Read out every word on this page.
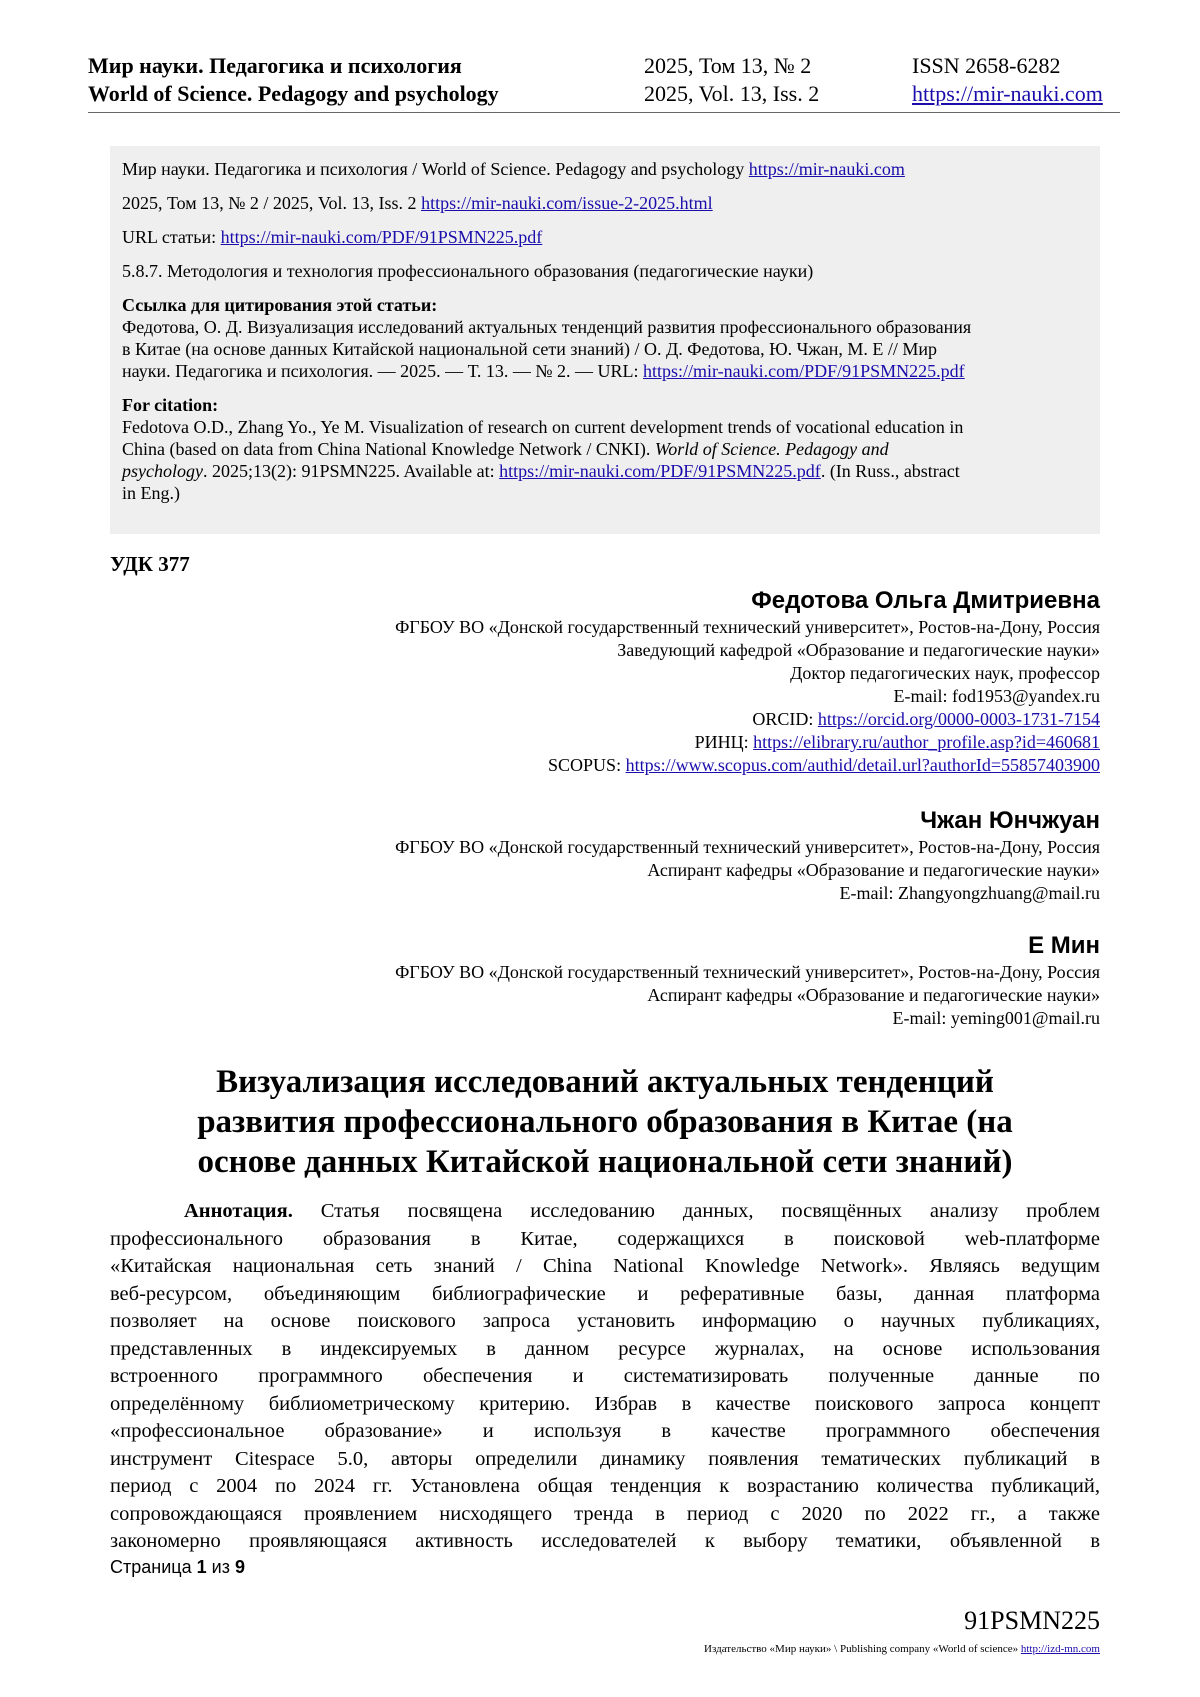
Мир науки. Педагогика и психология	2025, Том 13, № 2	ISSN 2658-6282
World of Science. Pedagogy and psychology	2025, Vol. 13, Iss. 2	https://mir-nauki.com
Мир науки. Педагогика и психология / World of Science. Pedagogy and psychology https://mir-nauki.com
2025, Том 13, № 2 / 2025, Vol. 13, Iss. 2 https://mir-nauki.com/issue-2-2025.html
URL статьи: https://mir-nauki.com/PDF/91PSMN225.pdf
5.8.7. Методология и технология профессионального образования (педагогические науки)
Ссылка для цитирования этой статьи:
Федотова, О. Д. Визуализация исследований актуальных тенденций развития профессионального образования
в Китае (на основе данных Китайской национальной сети знаний) / О. Д. Федотова, Ю. Чжан, М. Е // Мир
науки. Педагогика и психология. — 2025. — Т. 13. — № 2. — URL: https://mir-nauki.com/PDF/91PSMN225.pdf
For citation:
Fedotova O.D., Zhang Yo., Ye M. Visualization of research on current development trends of vocational education in
China (based on data from China National Knowledge Network / CNKI). World of Science. Pedagogy and
psychology. 2025;13(2): 91PSMN225. Available at: https://mir-nauki.com/PDF/91PSMN225.pdf. (In Russ., abstract
in Eng.)
УДК 377
Федотова Ольга Дмитриевна
ФГБОУ ВО «Донской государственный технический университет», Ростов-на-Дону, Россия
Заведующий кафедрой «Образование и педагогические науки»
Доктор педагогических наук, профессор
E-mail: fod1953@yandex.ru
ORCID: https://orcid.org/0000-0003-1731-7154
РИНЦ: https://elibrary.ru/author_profile.asp?id=460681
SCOPUS: https://www.scopus.com/authid/detail.url?authorId=55857403900
Чжан Юнчжуан
ФГБОУ ВО «Донской государственный технический университет», Ростов-на-Дону, Россия
Аспирант кафедры «Образование и педагогические науки»
E-mail: Zhangyongzhuang@mail.ru
Е Мин
ФГБОУ ВО «Донской государственный технический университет», Ростов-на-Дону, Россия
Аспирант кафедры «Образование и педагогические науки»
E-mail: yeming001@mail.ru
Визуализация исследований актуальных тенденций
развития профессионального образования в Китае (на
основе данных Китайской национальной сети знаний)
Аннотация. Статья посвящена исследованию данных, посвящённых анализу проблем
профессионального образования в Китае, содержащихся в поисковой web-платформе
«Китайская национальная сеть знаний / China National Knowledge Network». Являясь ведущим
веб-ресурсом, объединяющим библиографические и реферативные базы, данная платформа
позволяет на основе поискового запроса установить информацию о научных публикациях,
представленных в индексируемых в данном ресурсе журналах, на основе использования
встроенного программного обеспечения и систематизировать полученные данные по
определённому библиометрическому критерию. Избрав в качестве поискового запроса концепт
«профессиональное образование» и используя в качестве программного обеспечения
инструмент Citespace 5.0, авторы определили динамику появления тематических публикаций в
период с 2004 по 2024 гг. Установлена общая тенденция к возрастанию количества публикаций,
сопровождающаяся проявлением нисходящего тренда в период с 2020 по 2022 гг., а также
закономерно проявляющаяся активность исследователей к выбору тематики, объявленной в
Страница 1 из 9
91PSMN225
Издательство «Мир науки» \ Publishing company «World of science» http://izd-mn.com
